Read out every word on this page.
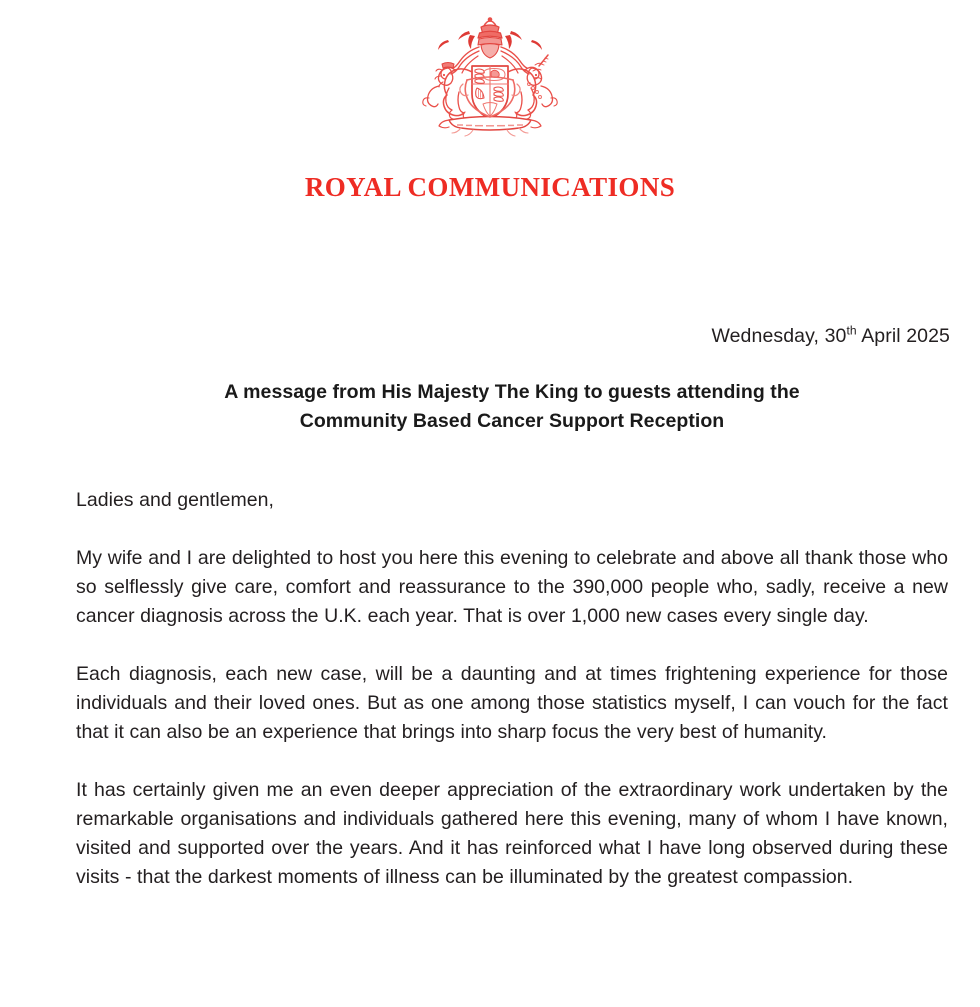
ROYAL COMMUNICATIONS
Wednesday, 30th April 2025
A message from His Majesty The King to guests attending the
Community Based Cancer Support Reception

Ladies and gentlemen,

My wife and I are delighted to host you here this evening to celebrate and above all thank those who so selflessly give care, comfort and reassurance to the 390,000 people who, sadly, receive a new cancer diagnosis across the U.K. each year. That is over 1,000 new cases every single day.

Each diagnosis, each new case, will be a daunting and at times frightening experience for those individuals and their loved ones. But as one among those statistics myself, I can vouch for the fact that it can also be an experience that brings into sharp focus the very best of humanity.

It has certainly given me an even deeper appreciation of the extraordinary work undertaken by the remarkable organisations and individuals gathered here this evening, many of whom I have known, visited and supported over the years. And it has reinforced what I have long observed during these visits - that the darkest moments of illness can be illuminated by the greatest compassion.
